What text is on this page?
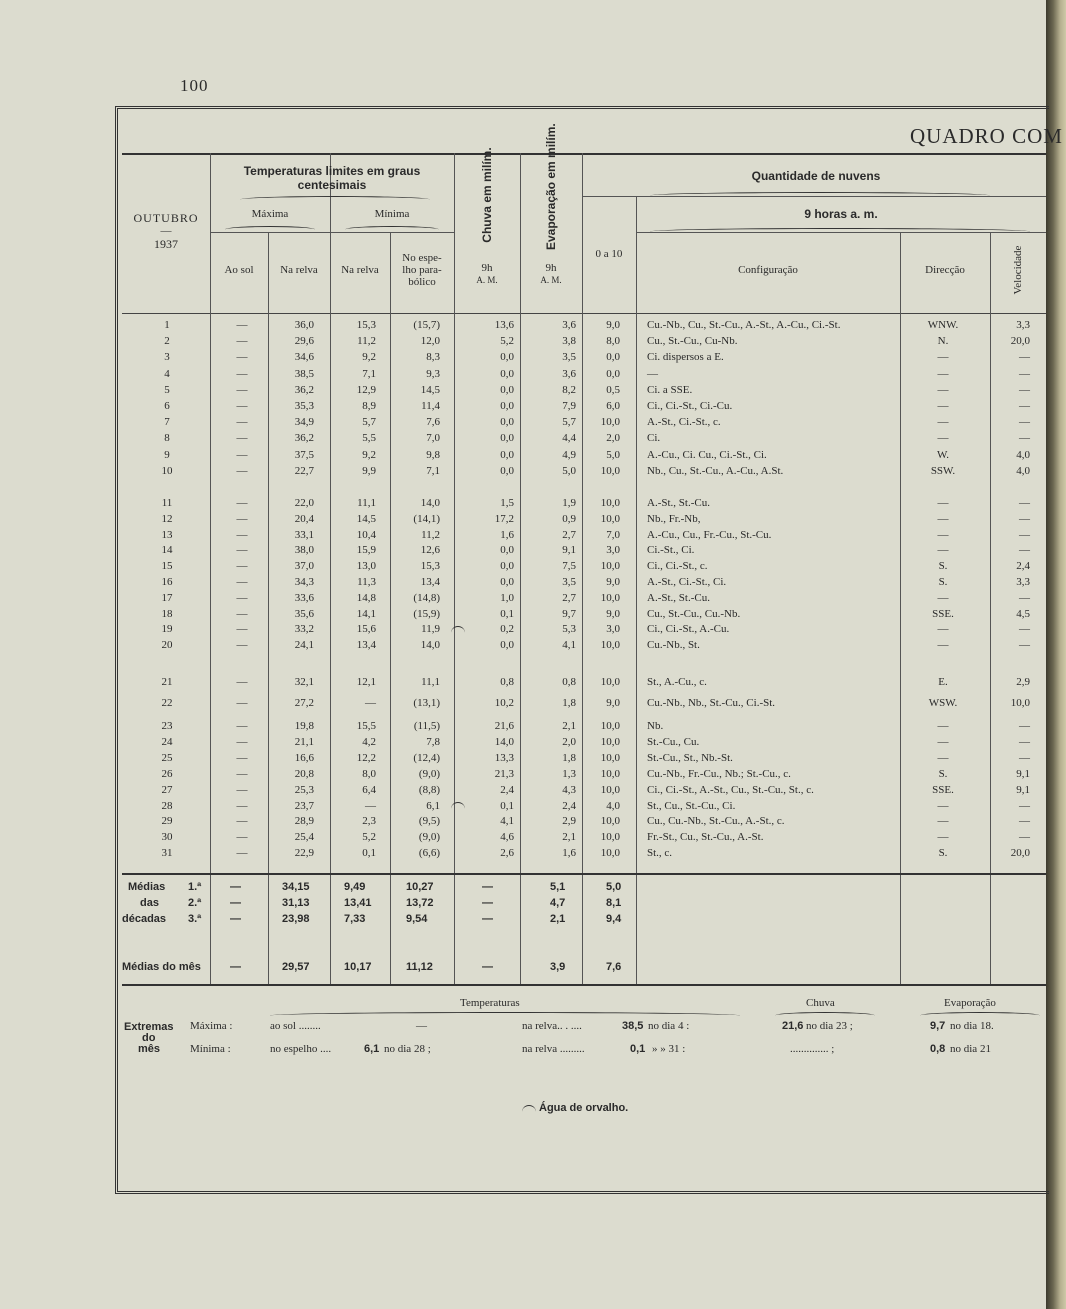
100
QUADRO COM
OUTUBRO
—
1937
Temperaturas limites em graus centesimais
Máxima	Mínima
Ao sol	Na relva	Na relva
No espe- lho para- bólico
Chuva em milím.	Evaporação em milím.
9h
A. M.
9h
A. M.
Quantidade de nuvens
9 horas a. m.
0 a 10
Configuração	Direcção	Velocidade
1	—	36,0	15,3	(15,7)	13,6	3,6	9,0 Cu.-Nb., Cu., St.-Cu., A.-St., A.-Cu., Ci.-St.	WNW.	3,3
2	—	29,6	11,2	12,0	5,2	3,8	8,0 Cu., St.-Cu., Cu-Nb.	N.	20,0
3	—	34,6	9,2	8,3	0,0	3,5	0,0 Ci. dispersos a E.	—	—
4	—	38,5	7,1	9,3	0,0	3,6	0,0 —	—	—
5	—	36,2	12,9	14,5	0,0	8,2	0,5 Ci. a SSE.	—	—
6	—	35,3	8,9	11,4	0,0	7,9	6,0 Ci., Ci.-St., Ci.-Cu.	—	—
7	—	34,9	5,7	7,6	0,0	5,7	10,0 A.-St., Ci.-St., c.	—	—
8	—	36,2	5,5	7,0	0,0	4,4	2,0 Ci.	—	—
9	—	37,5	9,2	9,8	0,0	4,9	5,0 A.-Cu., Ci. Cu., Ci.-St., Ci.	W.	4,0
10	—	22,7	9,9	7,1	0,0	5,0	10,0 Nb., Cu., St.-Cu., A.-Cu., A.St.	SSW.	4,0
11	—	22,0	11,1	14,0	1,5	1,9	10,0 A.-St., St.-Cu.	—	—
12	—	20,4	14,5	(14,1)	17,2	0,9	10,0 Nb., Fr.-Nb,	—	—
13	—	33,1	10,4	11,2	1,6	2,7	7,0 A.-Cu., Cu., Fr.-Cu., St.-Cu.	—	—
14	—	38,0	15,9	12,6	0,0	9,1	3,0 Ci.-St., Ci.	—	—
15	—	37,0	13,0	15,3	0,0	7,5	10,0 Ci., Ci.-St., c.	S.	2,4
16	—	34,3	11,3	13,4	0,0	3,5	9,0 A.-St., Ci.-St., Ci.	S.	3,3
17	—	33,6	14,8	(14,8)	1,0	2,7	10,0 A.-St., St.-Cu.	—	—
18	—	35,6	14,1	(15,9)	0,1	9,7	9,0 Cu., St.-Cu., Cu.-Nb.	SSE.	4,5
19	—	33,2	15,6	11,9	0,2	5,3	3,0 Ci., Ci.-St., A.-Cu.	—	—
20	—	24,1	13,4	14,0	0,0	4,1	10,0 Cu.-Nb., St.	—	—
21	—	32,1	12,1	11,1	0,8	0,8	10,0 St., A.-Cu., c.	E.	2,9
22	—	27,2	—	(13,1)	10,2	1,8	9,0 Cu.-Nb., Nb., St.-Cu., Ci.-St.	WSW.	10,0
23	—	19,8	15,5	(11,5)	21,6	2,1	10,0 Nb.	—	—
24	—	21,1	4,2	7,8	14,0	2,0	10,0 St.-Cu., Cu.	—	—
25	—	16,6	12,2	(12,4)	13,3	1,8	10,0 St.-Cu., St., Nb.-St.	—	—
26	—	20,8	8,0	(9,0)	21,3	1,3	10,0 Cu.-Nb., Fr.-Cu., Nb.; St.-Cu., c.	S.	9,1
27	—	25,3	6,4	(8,8)	2,4	4,3	10,0 Ci., Ci.-St., A.-St., Cu., St.-Cu., St., c.	SSE.	9,1
28	—	23,7	—	6,1	0,1	2,4	4,0 St., Cu., St.-Cu., Ci.	—	—
29	—	28,9	2,3	(9,5)	4,1	2,9	10,0 Cu., Cu.-Nb., St.-Cu., A.-St., c.	—	—
30	—	25,4	5,2	(9,0)	4,6	2,1	10,0 Fr.-St., Cu., St.-Cu., A.-St.	—	—
31	—	22,9	0,1	(6,6)	2,6	1,6	10,0 St., c.	S.	20,0
Médias 1.ª	—	34,15	9,49	10,27	—	5,1	5,0
das	2.ª	—	31,13	13,41	13,72	—	4,7	8,1
décadas 3.ª	—	23,98	7,33	9,54	—	2,1	9,4
Médias do mês	—	29,57	10,17	11,12	—	3,9	7,6
Temperaturas	Chuva	Evaporação
Extremas
do
mês
Máxima :	ao sol ........	—	na relva.. . ....	38,5 no dia 4 :	21,6 no dia 23 ;	9,7 no dia 18.
Mínima :	no espelho ....	6,1 no dia 28 ;	na relva .........	0,1 » » 31 :	.............. ;	0,8 no dia 21
Água de orvalho.
